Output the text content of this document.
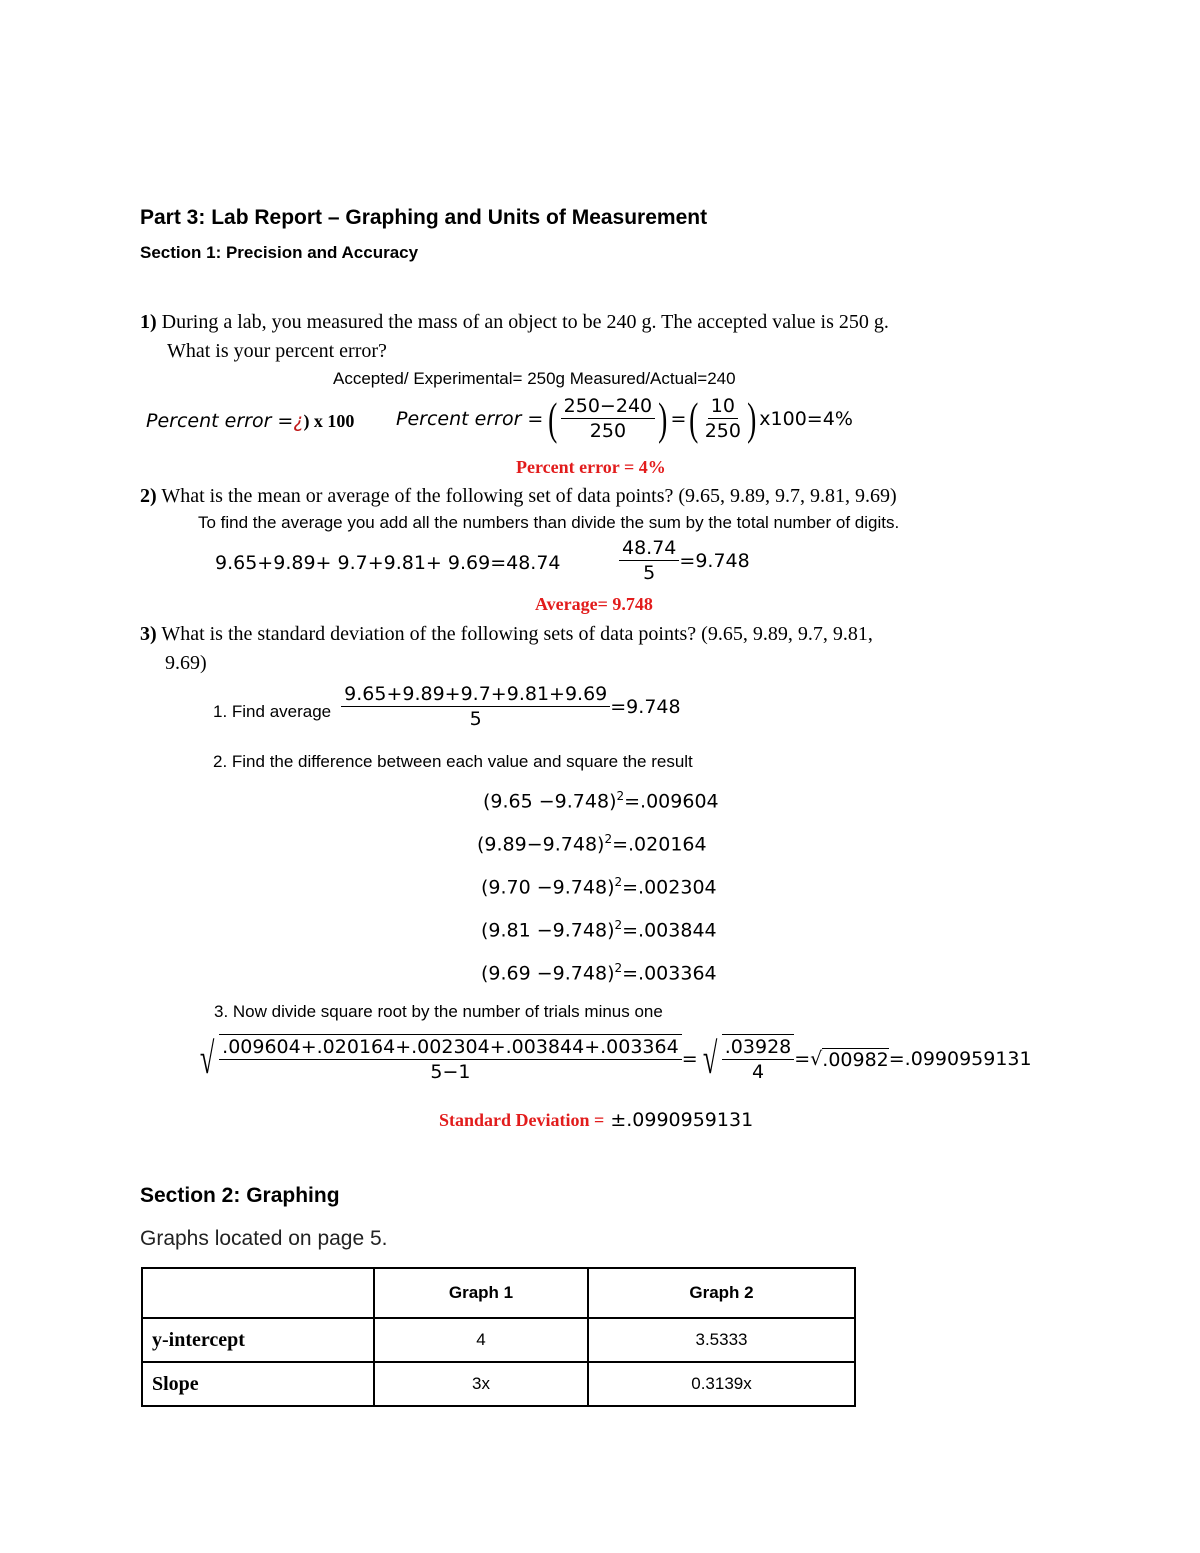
Part 3: Lab Report – Graphing and Units of Measurement
Section 1: Precision and Accuracy
1) During a lab, you measured the mass of an object to be 240 g. The accepted value is 250 g.
What is your percent error?
Accepted/ Experimental= 250g Measured/Actual=240
Percent error =¿) x 100 Percent error = ( $\frac{250-240}{250}$ ) = ( $\frac{10}{250}$ ) x100=4%
Percent error = 4%
2) What is the mean or average of the following set of data points? (9.65, 9.89, 9.7, 9.81, 9.69)
To find the average you add all the numbers than divide the sum by the total number of digits.
9.65+9.89+ 9.7+9.81+ 9.69=48.74	$\frac{48.74}{5} =9.748$
Average= 9.748
3) What is the standard deviation of the following sets of data points? (9.65, 9.89, 9.7, 9.81,
9.69)
1. Find average $\frac{9.65+9.89+9.7+9.81+9.69}{5} =9.748$
2. Find the difference between each value and square the result
$(9.65 -9.748)^2=.009604$
$(9.89-9.748)^2=.020164$
$(9.70 -9.748)^2=.002304$
$(9.81 -9.748)^2=.003844$
$(9.69 -9.748)^2=.003364$
3. Now divide square root by the number of trials minus one
√ $\frac{.009604+.020164+.002304+.003844+.003364}{5-1}$ = √ $\frac{.03928}{4}$ = √ .00982 =.0990959131
Standard Deviation = ±.0990959131
Section 2: Graphing
Graphs located on page 5.
	Graph 1	Graph 2
y-intercept	4	3.5333
Slope	3x	0.3139x
